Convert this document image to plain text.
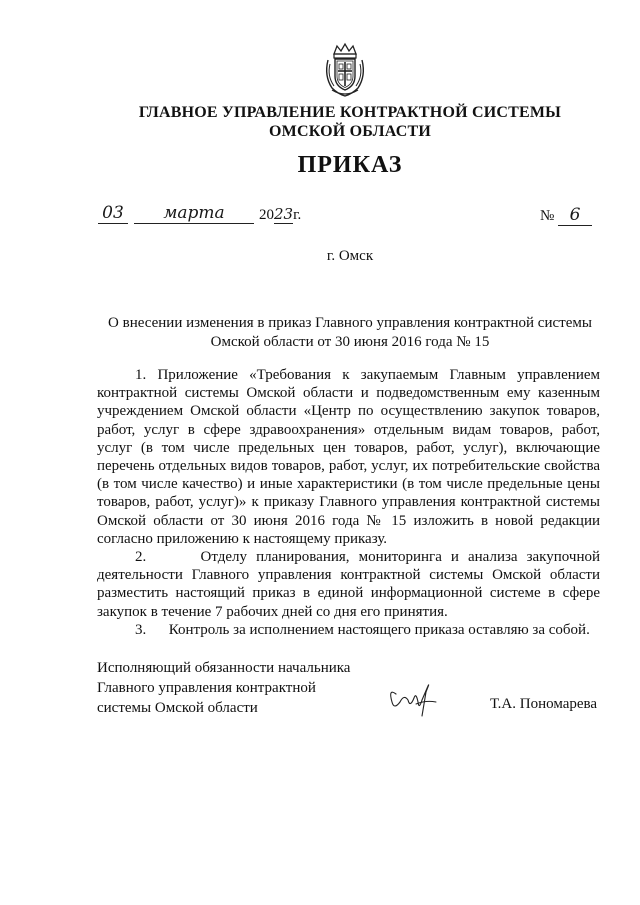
ГЛАВНОЕ УПРАВЛЕНИЕ КОНТРАКТНОЙ СИСТЕМЫ
ОМСКОЙ ОБЛАСТИ
ПРИКАЗ
03	марта	2023г.	№ 6
г. Омск
О внесении изменения в приказ Главного управления контрактной системы
Омской области от 30 июня 2016 года № 15

1. Приложение «Требования к закупаемым Главным управлением контрактной системы Омской области и подведомственным ему казенным учреждением Омской области «Центр по осуществлению закупок товаров, работ, услуг в сфере здравоохранения» отдельным видам товаров, работ, услуг (в том числе предельных цен товаров, работ, услуг), включающие перечень отдельных видов товаров, работ, услуг, их потребительские свойства (в том числе качество) и иные характеристики (в том числе предельные цены товаров, работ, услуг)» к приказу Главного управления контрактной системы Омской области от 30 июня 2016 года № 15 изложить в новой редакции согласно приложению к настоящему приказу.

2.      Отделу планирования, мониторинга и анализа закупочной деятельности Главного управления контрактной системы Омской области разместить настоящий приказ в единой информационной системе в сфере закупок в течение 7 рабочих дней со дня его принятия.

3.      Контроль за исполнением настоящего приказа оставляю за собой.

Исполняющий обязанности начальника
Главного управления контрактной
системы Омской области	Т.А. Пономарева
